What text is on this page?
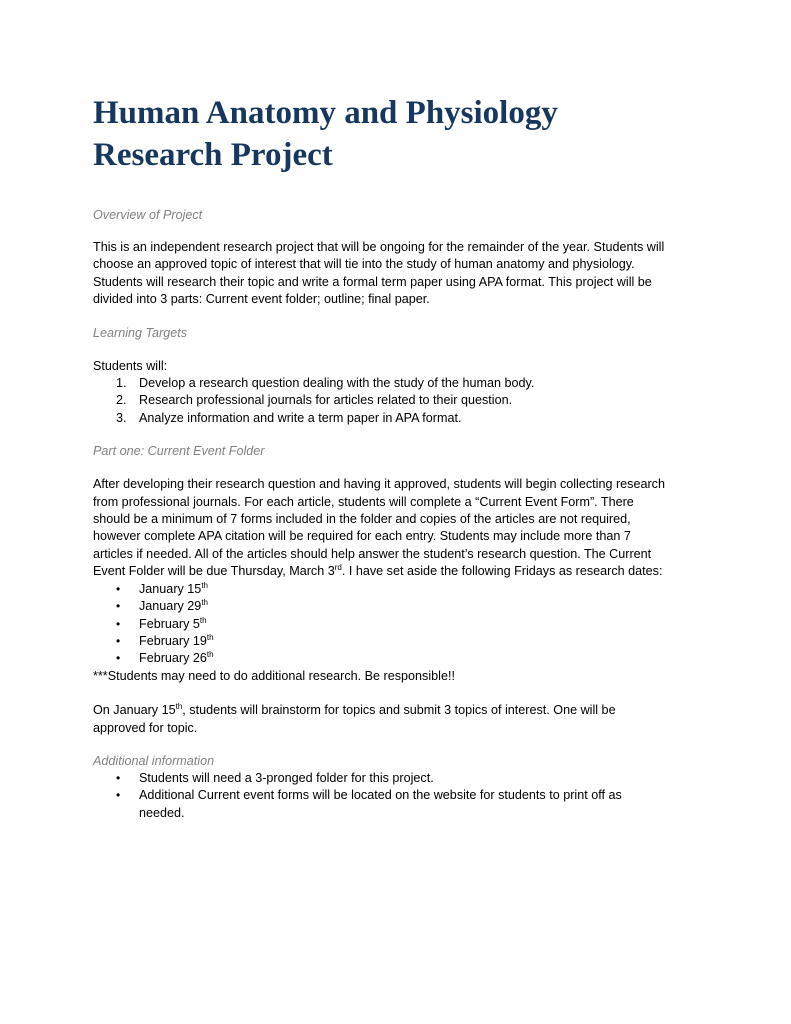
Human Anatomy and Physiology
Research Project

Overview of Project

This is an independent research project that will be ongoing for the remainder of the year. Students will

choose an approved topic of interest that will tie into the study of human anatomy and physiology.

Students will research their topic and write a formal term paper using APA format. This project will be

divided into 3 parts: Current event folder; outline; final paper.

Learning Targets

Students will:

1. Develop a research question dealing with the study of the human body.
2. Research professional journals for articles related to their question.
3. Analyze information and write a term paper in APA format.

Part one: Current Event Folder

After developing their research question and having it approved, students will begin collecting research

from professional journals. For each article, students will complete a “Current Event Form”. There

should be a minimum of 7 forms included in the folder and copies of the articles are not required,

however complete APA citation will be required for each entry. Students may include more than 7

articles if needed. All of the articles should help answer the student’s research question. The Current

Event Folder will be due Thursday, March 3rd. I have set aside the following Fridays as research dates:

• January 15th
• January 29th
• February 5th
• February 19th
• February 26th

***Students may need to do additional research. Be responsible!!

On January 15th, students will brainstorm for topics and submit 3 topics of interest. One will be

approved for topic.

Additional information

• Students will need a 3-pronged folder for this project.
• Additional Current event forms will be located on the website for students to print off as
needed.
